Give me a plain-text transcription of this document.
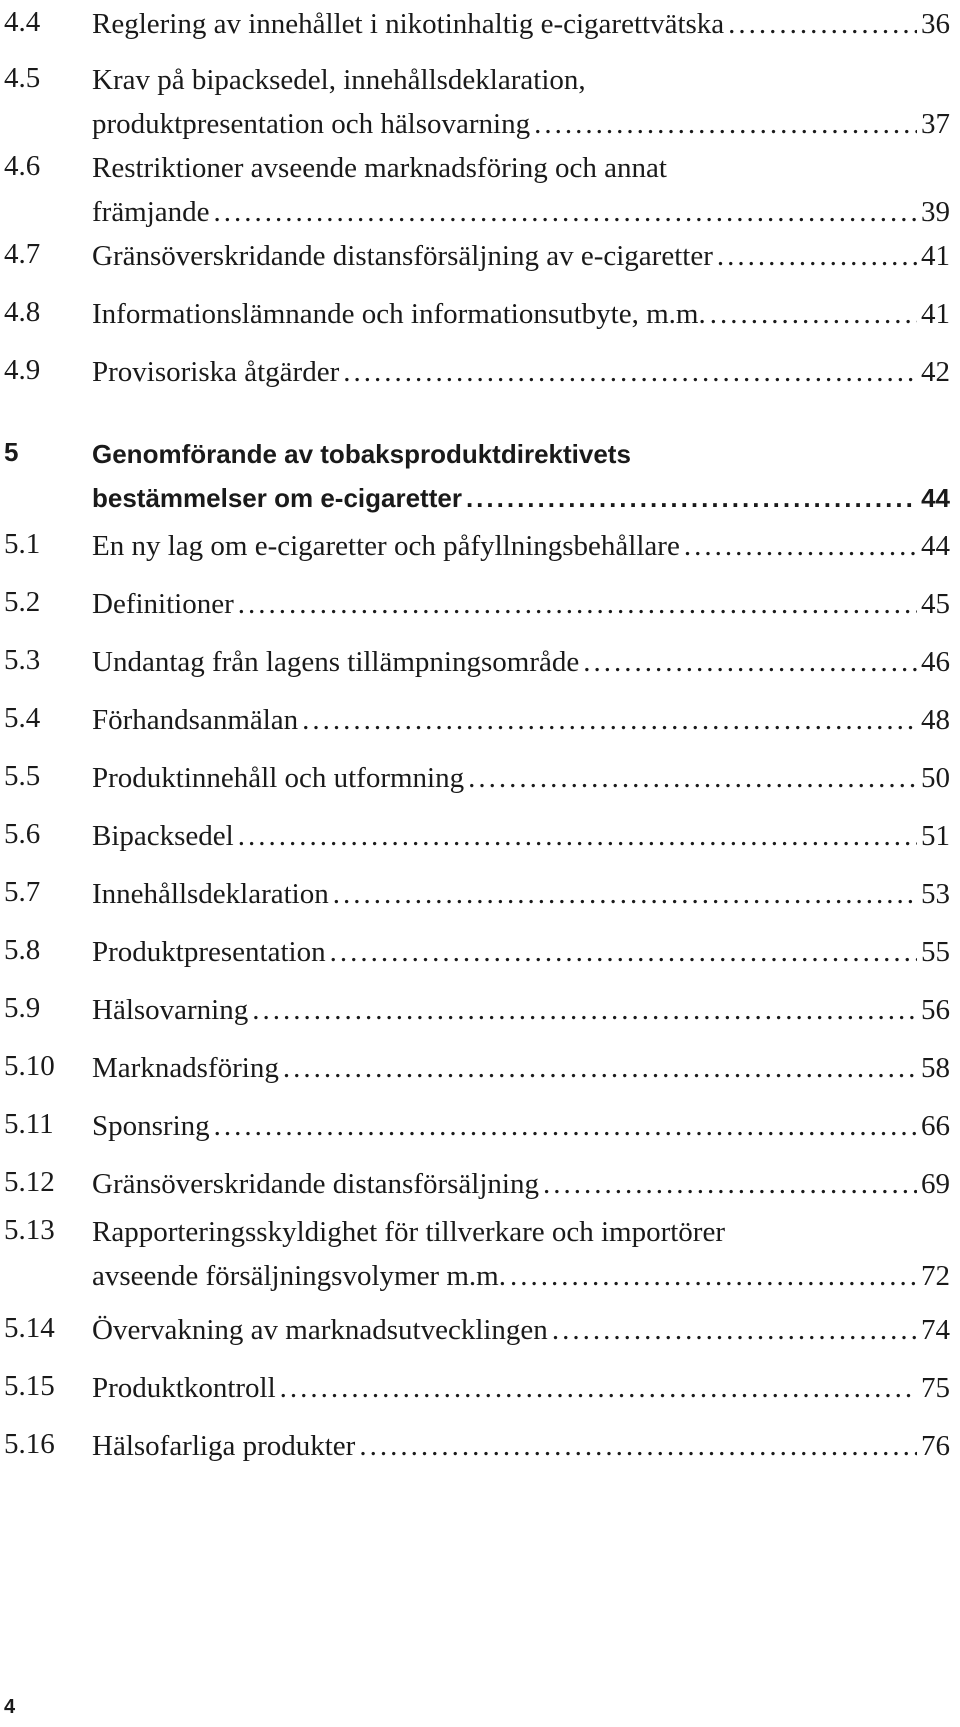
4.4 Reglering av innehållet i nikotinhaltig e-cigarettvätska .....	36
4.5 Krav på bipacksedel, innehållsdeklaration,
produktpresentation och hälsovarning .....	37
4.6 Restriktioner avseende marknadsföring och annat
främjande .....	39
4.7 Gränsöverskridande distansförsäljning av e-cigaretter .....	41
4.8 Informationslämnande och informationsutbyte, m.m. .....	41
4.9 Provisoriska åtgärder .....	42
5	Genomförande av tobaksproduktdirektivets
bestämmelser om e-cigaretter .....	44
5.1 En ny lag om e-cigaretter och påfyllningsbehållare .....	44
5.2 Definitioner .....	45
5.3 Undantag från lagens tillämpningsområde .....	46
5.4 Förhandsanmälan .....	48
5.5 Produktinnehåll och utformning .....	50
5.6 Bipacksedel .....	51
5.7 Innehållsdeklaration .....	53
5.8 Produktpresentation .....	55
5.9 Hälsovarning .....	56
5.10 Marknadsföring .....	58
5.11 Sponsring .....	66
5.12 Gränsöverskridande distansförsäljning .....	69
5.13 Rapporteringsskyldighet för tillverkare och importörer
avseende försäljningsvolymer m.m. .....	72
5.14 Övervakning av marknadsutvecklingen .....	74
5.15 Produktkontroll .....	75
5.16 Hälsofarliga produkter .....	76
4
